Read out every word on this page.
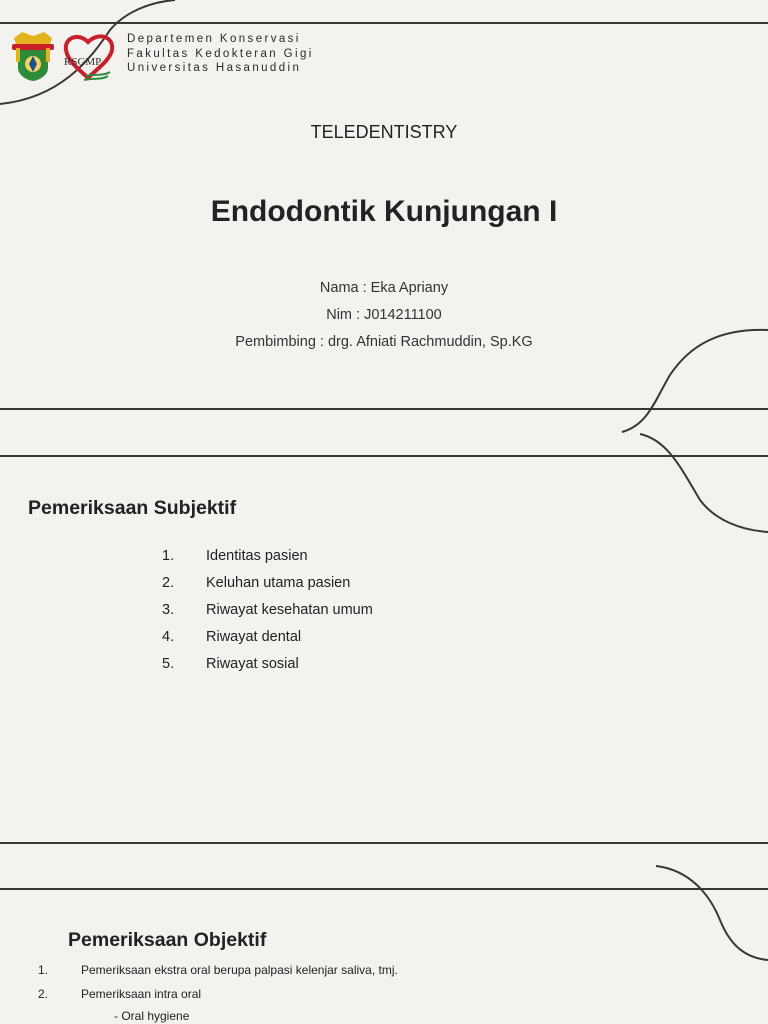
RSGMP
Departemen Konservasi
Fakultas Kedokteran Gigi
Universitas Hasanuddin
TELEDENTISTRY
Endodontik Kunjungan I
Nama : Eka Apriany
Nim : J014211100
Pembimbing : drg. Afniati Rachmuddin, Sp.KG
Pemeriksaan Subjektif
1. Identitas pasien
2. Keluhan utama pasien
3. Riwayat kesehatan umum
4. Riwayat dental
5. Riwayat sosial
Pemeriksaan Objektif
1.	Pemeriksaan ekstra oral berupa palpasi kelenjar saliva, tmj.
2.	Pemeriksaan intra oral
- Oral hygiene
